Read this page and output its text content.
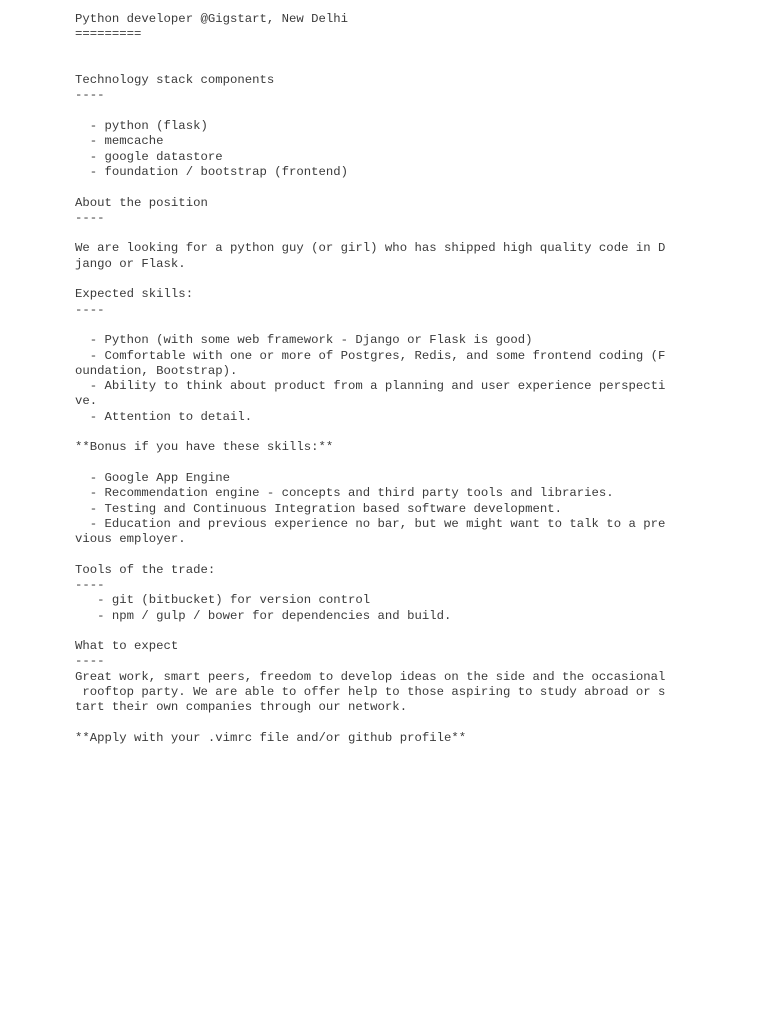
Python developer @Gigstart, New Delhi
=========
Technology stack components
----
- python (flask)
- memcache
- google datastore
- foundation / bootstrap (frontend)
About the position
----
We are looking for a python guy (or girl) who has shipped high quality code in D
jango or Flask.
Expected skills:
----
- Python (with some web framework - Django or Flask is good)
- Comfortable with one or more of Postgres, Redis, and some frontend coding (F
oundation, Bootstrap).
- Ability to think about product from a planning and user experience perspecti
ve.
- Attention to detail.
**Bonus if you have these skills:**
- Google App Engine
- Recommendation engine - concepts and third party tools and libraries.
- Testing and Continuous Integration based software development.
- Education and previous experience no bar, but we might want to talk to a pre
vious employer.
Tools of the trade:
----
- git (bitbucket) for version control
- npm / gulp / bower for dependencies and build.
What to expect
----
Great work, smart peers, freedom to develop ideas on the side and the occasional
rooftop party. We are able to offer help to those aspiring to study abroad or s
tart their own companies through our network.
**Apply with your .vimrc file and/or github profile**
